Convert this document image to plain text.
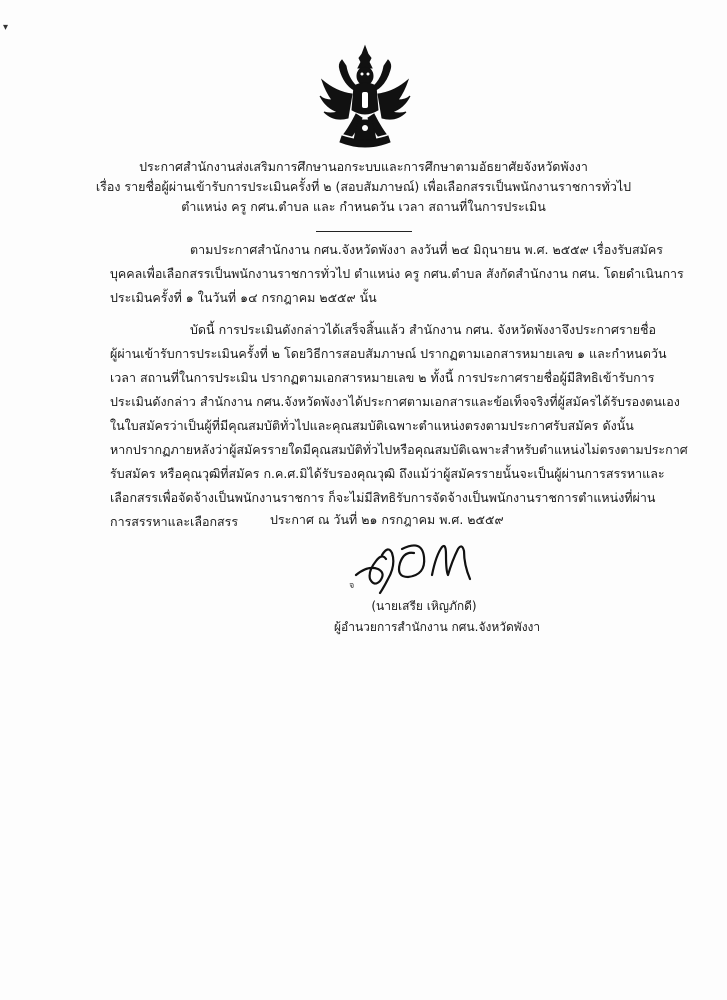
▾
ประกาศสำนักงานส่งเสริมการศึกษานอกระบบและการศึกษาตามอัธยาศัยจังหวัดพังงา
เรื่อง รายชื่อผู้ผ่านเข้ารับการประเมินครั้งที่ ๒ (สอบสัมภาษณ์) เพื่อเลือกสรรเป็นพนักงานราชการทั่วไป
ตำแหน่ง ครู กศน.ตำบล และ กำหนดวัน เวลา สถานที่ในการประเมิน
ตามประกาศสำนักงาน กศน.จังหวัดพังงา ลงวันที่ ๒๔ มิถุนายน พ.ศ. ๒๕๕๙ เรื่องรับสมัคร
บุคคลเพื่อเลือกสรรเป็นพนักงานราชการทั่วไป ตำแหน่ง ครู กศน.ตำบล สังกัดสำนักงาน กศน. โดยดำเนินการ
ประเมินครั้งที่ ๑ ในวันที่ ๑๔ กรกฎาคม ๒๕๕๙ นั้น
บัดนี้ การประเมินดังกล่าวได้เสร็จสิ้นแล้ว สำนักงาน กศน. จังหวัดพังงาจึงประกาศรายชื่อ
ผู้ผ่านเข้ารับการประเมินครั้งที่ ๒ โดยวิธีการสอบสัมภาษณ์ ปรากฏตามเอกสารหมายเลข ๑ และกำหนดวัน
เวลา สถานที่ในการประเมิน ปรากฏตามเอกสารหมายเลข ๒ ทั้งนี้ การประกาศรายชื่อผู้มีสิทธิเข้ารับการ
ประเมินดังกล่าว สำนักงาน กศน.จังหวัดพังงาได้ประกาศตามเอกสารและข้อเท็จจริงที่ผู้สมัครได้รับรองตนเอง
ในใบสมัครว่าเป็นผู้ที่มีคุณสมบัติทั่วไปและคุณสมบัติเฉพาะตำแหน่งตรงตามประกาศรับสมัคร ดังนั้น
หากปรากฏภายหลังว่าผู้สมัครรายใดมีคุณสมบัติทั่วไปหรือคุณสมบัติเฉพาะสำหรับตำแหน่งไม่ตรงตามประกาศ
รับสมัคร หรือคุณวุฒิที่สมัคร ก.ค.ศ.มิได้รับรองคุณวุฒิ ถึงแม้ว่าผู้สมัครรายนั้นจะเป็นผู้ผ่านการสรรหาและ
เลือกสรรเพื่อจัดจ้างเป็นพนักงานราชการ ก็จะไม่มีสิทธิรับการจัดจ้างเป็นพนักงานราชการตำแหน่งที่ผ่าน
การสรรหาและเลือกสรร	ประกาศ ณ วันที่ ๒๑ กรกฎาคม พ.ศ. ๒๕๕๙
จ
(นายเสรีย เหิญภักดี)
ผู้อำนวยการสำนักงาน กศน.จังหวัดพังงา
